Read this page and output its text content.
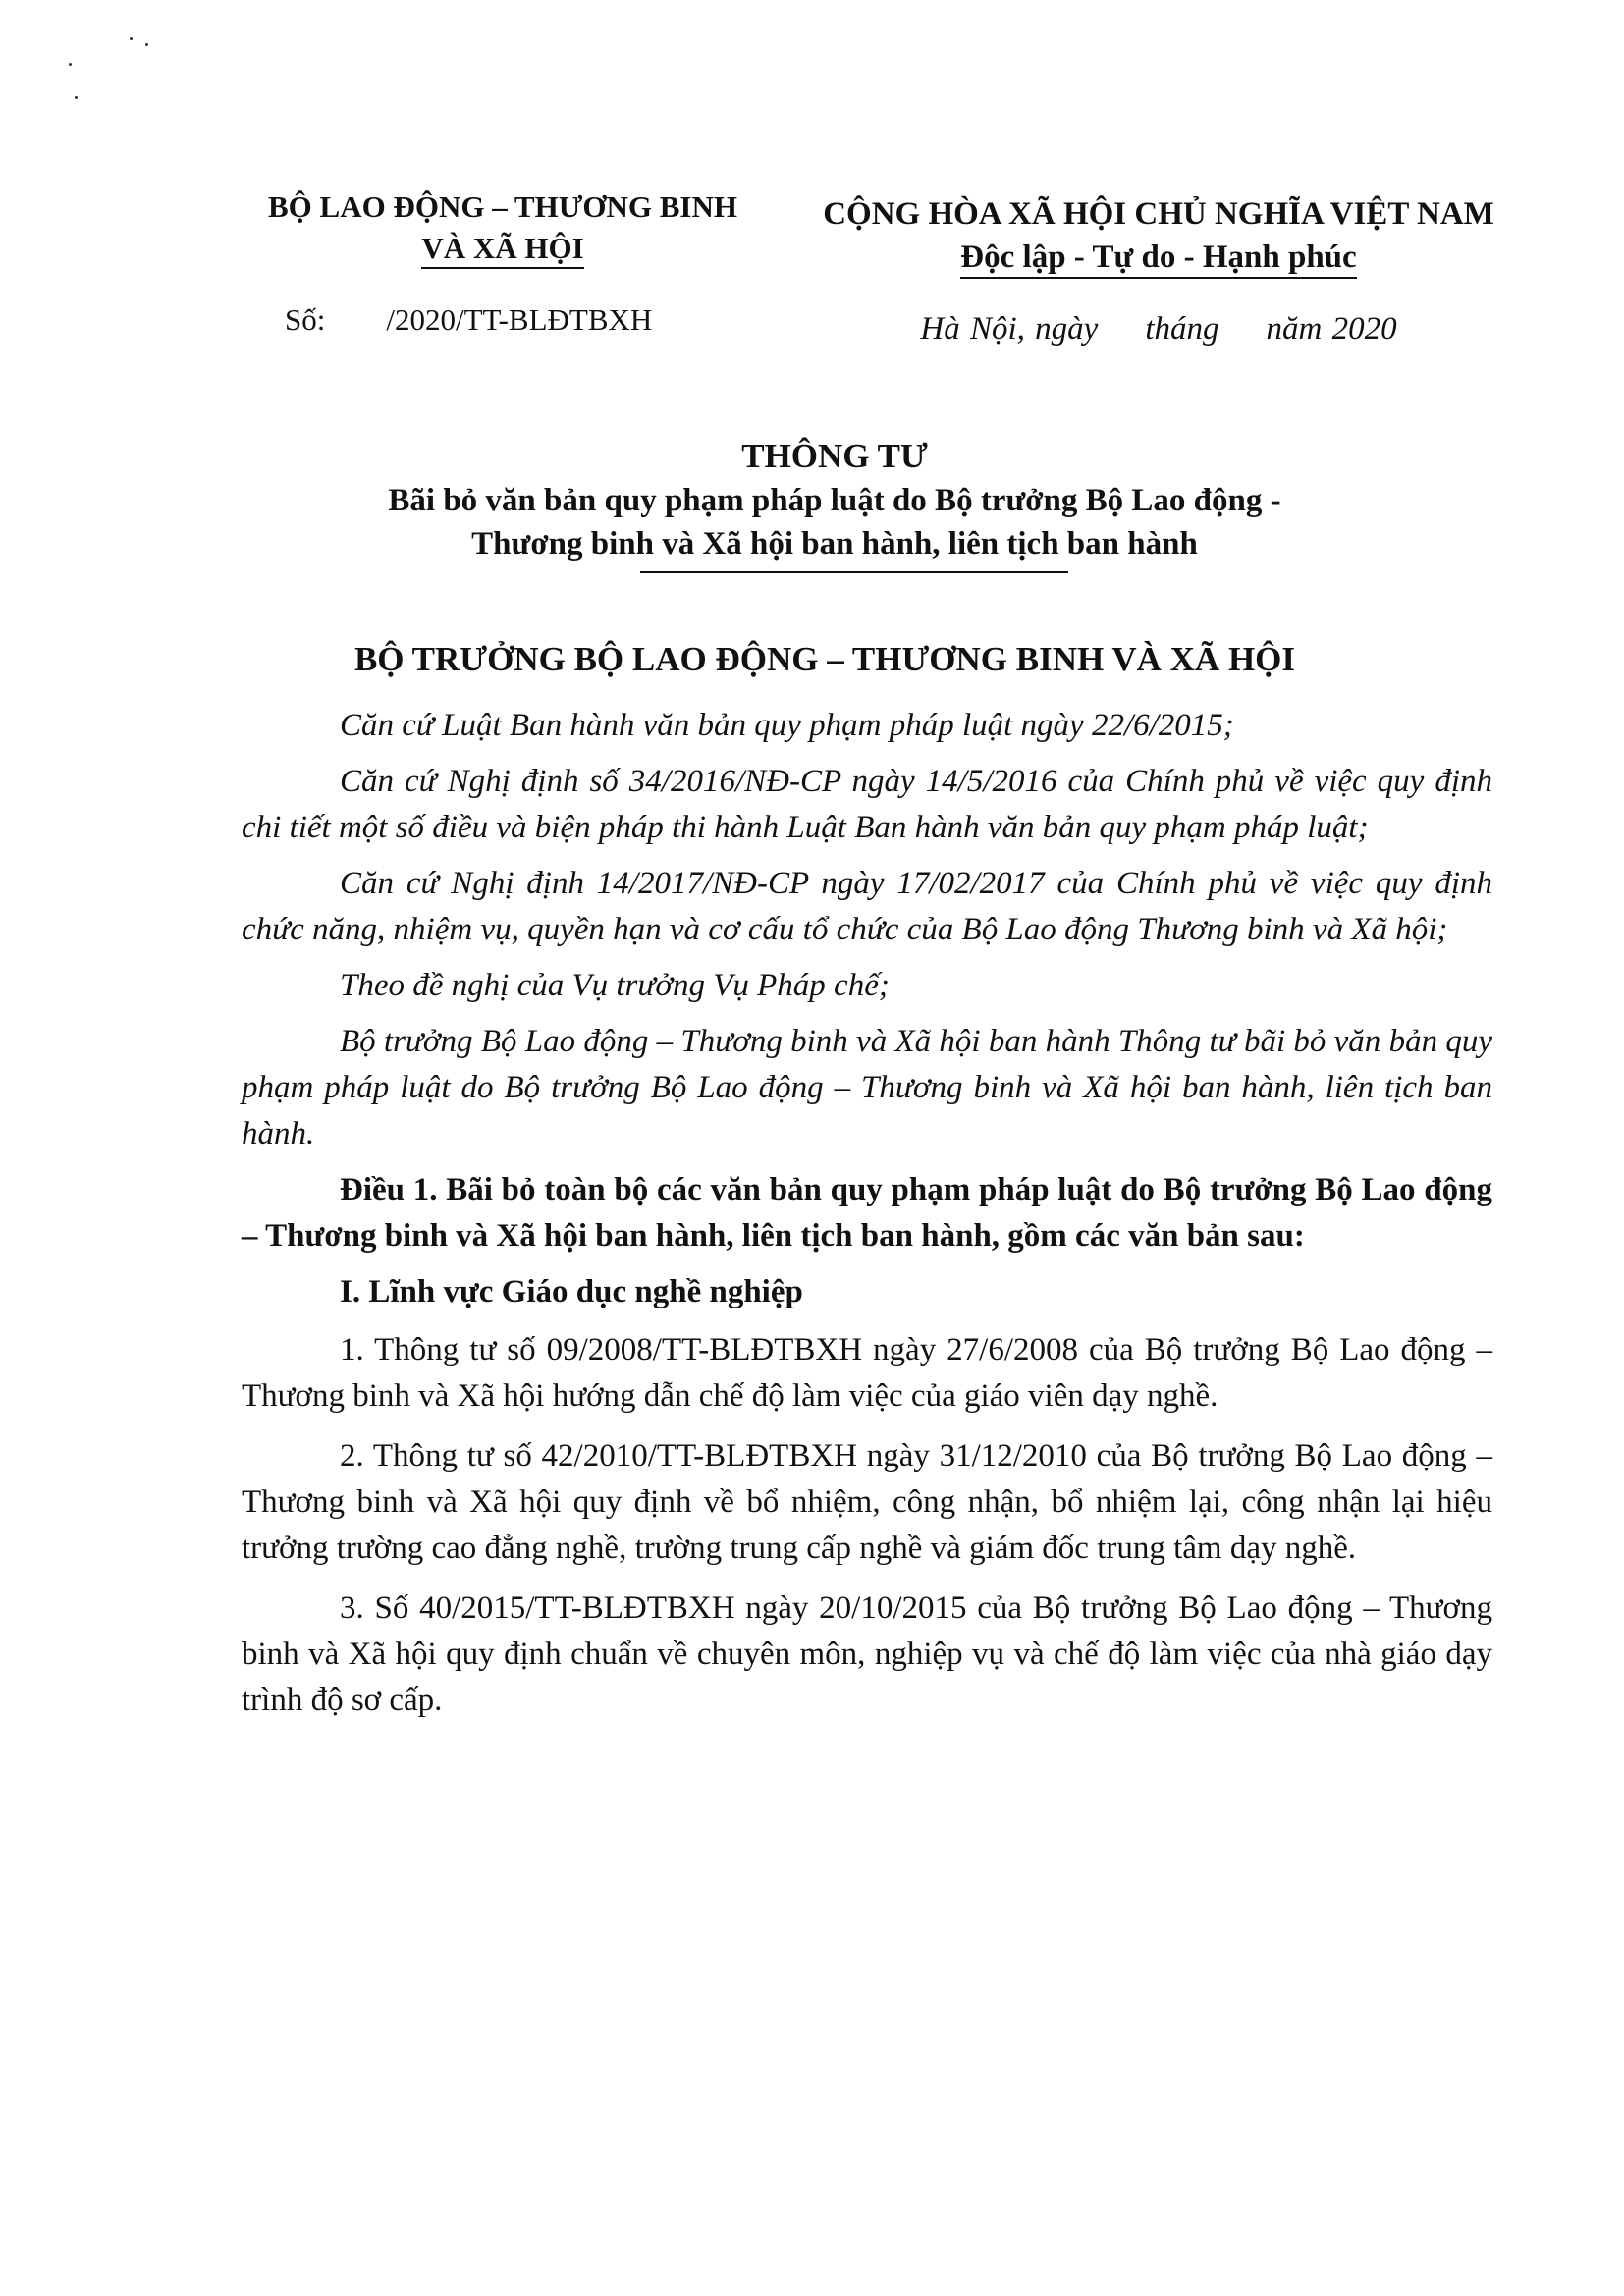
BỘ LAO ĐỘNG – THƯƠNG BINH
VÀ XÃ HỘI
CỘNG HÒA XÃ HỘI CHỦ NGHĨA VIỆT NAM
Độc lập - Tự do - Hạnh phúc
Số: /2020/TT-BLĐTBXH	Hà Nội, ngày tháng năm 2020
THÔNG TƯ
Bãi bỏ văn bản quy phạm pháp luật do Bộ trưởng Bộ Lao động -
Thương binh và Xã hội ban hành, liên tịch ban hành
BỘ TRƯỞNG BỘ LAO ĐỘNG – THƯƠNG BINH VÀ XÃ HỘI

Căn cứ Luật Ban hành văn bản quy phạm pháp luật ngày 22/6/2015;

Căn cứ Nghị định số 34/2016/NĐ-CP ngày 14/5/2016 của Chính phủ về việc quy định chi tiết một số điều và biện pháp thi hành Luật Ban hành văn bản quy phạm pháp luật;

Căn cứ Nghị định 14/2017/NĐ-CP ngày 17/02/2017 của Chính phủ về việc quy định chức năng, nhiệm vụ, quyền hạn và cơ cấu tổ chức của Bộ Lao động Thương binh và Xã hội;

Theo đề nghị của Vụ trưởng Vụ Pháp chế;

Bộ trưởng Bộ Lao động – Thương binh và Xã hội ban hành Thông tư bãi bỏ văn bản quy phạm pháp luật do Bộ trưởng Bộ Lao động – Thương binh và Xã hội ban hành, liên tịch ban hành.

Điều 1. Bãi bỏ toàn bộ các văn bản quy phạm pháp luật do Bộ trưởng Bộ Lao động – Thương binh và Xã hội ban hành, liên tịch ban hành, gồm các văn bản sau:

I. Lĩnh vực Giáo dục nghề nghiệp

1. Thông tư số 09/2008/TT-BLĐTBXH ngày 27/6/2008 của Bộ trưởng Bộ Lao động – Thương binh và Xã hội hướng dẫn chế độ làm việc của giáo viên dạy nghề.

2. Thông tư số 42/2010/TT-BLĐTBXH ngày 31/12/2010 của Bộ trưởng Bộ Lao động – Thương binh và Xã hội quy định về bổ nhiệm, công nhận, bổ nhiệm lại, công nhận lại hiệu trưởng trường cao đẳng nghề, trường trung cấp nghề và giám đốc trung tâm dạy nghề.

3. Số 40/2015/TT-BLĐTBXH ngày 20/10/2015 của Bộ trưởng Bộ Lao động – Thương binh và Xã hội quy định chuẩn về chuyên môn, nghiệp vụ và chế độ làm việc của nhà giáo dạy trình độ sơ cấp.
